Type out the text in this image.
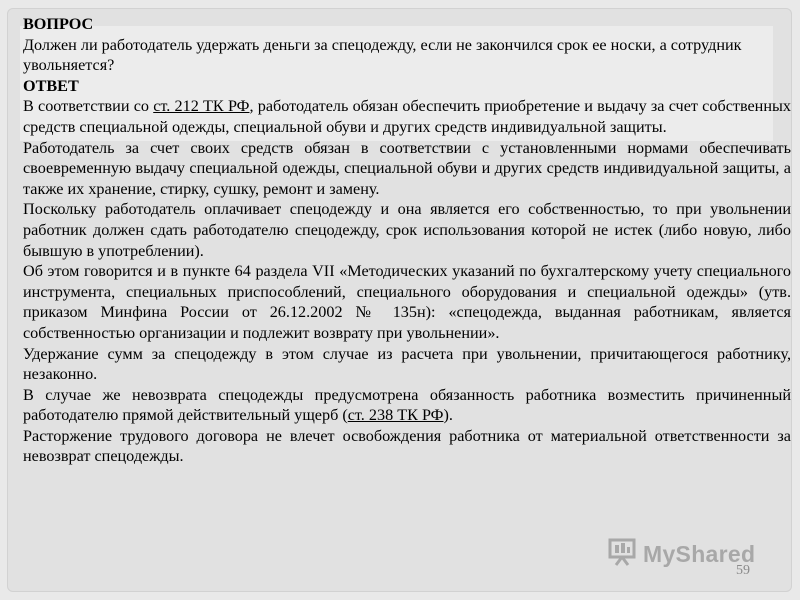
ВОПРОС
Должен ли работодатель удержать деньги за спецодежду, если не закончился срок ее носки, а сотрудник увольняется?
ОТВЕТ

В соответствии со ст. 212 ТК РФ, работодатель обязан обеспечить приобретение и выдачу за счет собственных средств специальной одежды, специальной обуви и других средств индивидуальной защиты.

Работодатель за счет своих средств обязан в соответствии с установленными нормами обеспечивать своевременную выдачу специальной одежды, специальной обуви и других средств индивидуальной защиты, а также их хранение, стирку, сушку, ремонт и замену.

Поскольку работодатель оплачивает спецодежду и она является его собственностью, то при увольнении работник должен сдать работодателю спецодежду, срок использования которой не истек (либо новую, либо бывшую в употреблении).

Об этом говорится и в пункте 64 раздела VII «Методических указаний по бухгалтерскому учету специального инструмента, специальных приспособлений, специального оборудования и специальной одежды» (утв. приказом Минфина России от 26.12.2002 № 135н): «спецодежда, выданная работникам, является собственностью организации и подлежит возврату при увольнении».

Удержание сумм за спецодежду в этом случае из расчета при увольнении, причитающегося работнику, незаконно.

В случае же невозврата спецодежды предусмотрена обязанность работника возместить причиненный работодателю прямой действительный ущерб (ст. 238 ТК РФ).

Расторжение трудового договора не влечет освобождения работника от материальной ответственности за невозврат спецодежды.

MyShared
59
